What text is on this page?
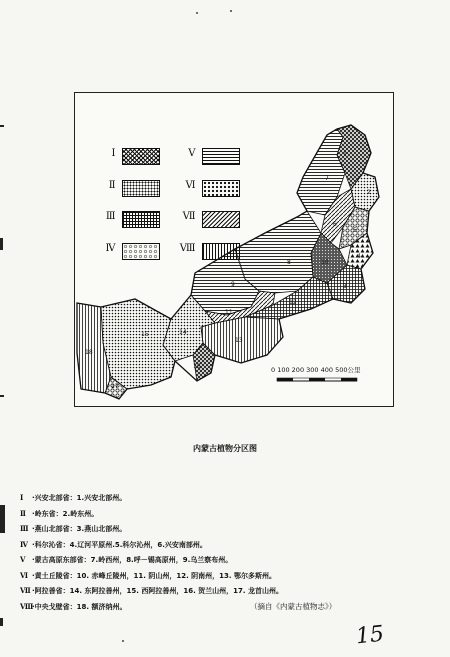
Ⅰ
Ⅱ
Ⅲ
Ⅳ
Ⅴ
Ⅵ
Ⅶ
Ⅷ
1
2
3
4
5
6
7
8
9
10
11
12
13
14
15
16
17
18
0 100 200 300 400 500公里
内蒙古植物分区图
Ⅰ ·兴安北部省：1.兴安北部州。
Ⅱ ·岭东省：2.岭东州。
Ⅲ ·燕山北部省：3.燕山北部州。
Ⅳ ·科尔沁省：4.辽河平原州.5.科尔沁州，6.兴安南部州。
Ⅴ ·蒙古高原东部省：7.岭西州，8.呼－锡高原州，9.乌兰察布州。
Ⅵ ·黄土丘陵省：10. 赤峰丘陵州，11. 阴山州，12. 阴南州，13. 鄂尔多斯州。
Ⅶ·阿拉善省：14. 东阿拉善州，15. 西阿拉善州，16. 贺兰山州，17. 龙首山州。
Ⅷ·中央戈壁省：18. 额济纳州。	（摘自《内蒙古植物志》）
15
